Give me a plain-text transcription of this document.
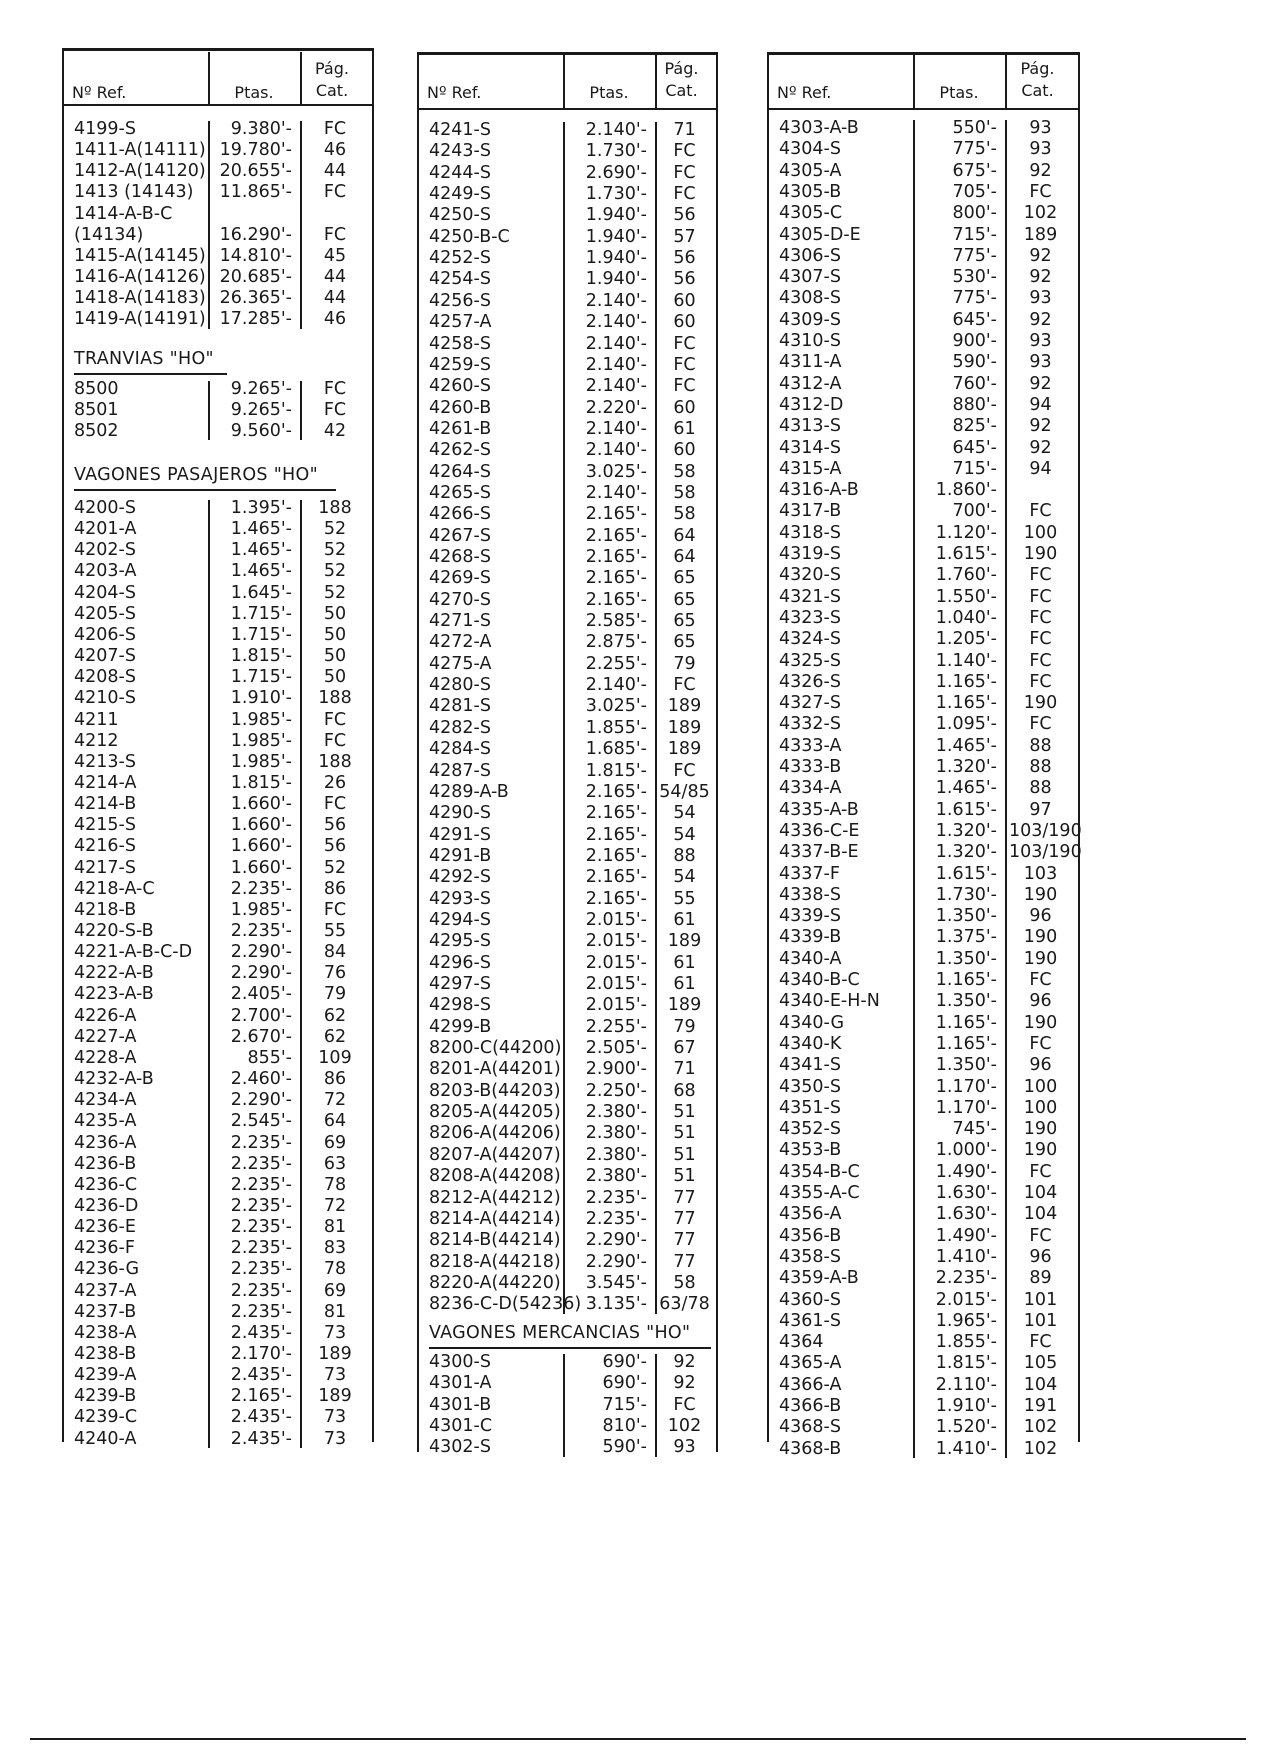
Nº Ref.	Ptas.
Pág.
Cat.
4199-S	9.380'-	FC
1411-A(14111) 19.780'-	46
1412-A(14120) 20.655'-	44
1413 (14143)	11.865'-	FC
1414-A-B-C
(14134)	16.290'-	FC
1415-A(14145) 14.810'-	45
1416-A(14126) 20.685'-	44
1418-A(14183) 26.365'-	44
1419-A(14191) 17.285'-	46
TRANVIAS "HO"
8500	9.265'-	FC
8501	9.265'-	FC
8502	9.560'-	42
VAGONES PASAJEROS "HO"
4200-S	1.395'-	188
4201-A	1.465'-	52
4202-S	1.465'-	52
4203-A	1.465'-	52
4204-S	1.645'-	52
4205-S	1.715'-	50
4206-S	1.715'-	50
4207-S	1.815'-	50
4208-S	1.715'-	50
4210-S	1.910'-	188
4211	1.985'-	FC
4212	1.985'-	FC
4213-S	1.985'-	188
4214-A	1.815'-	26
4214-B	1.660'-	FC
4215-S	1.660'-	56
4216-S	1.660'-	56
4217-S	1.660'-	52
4218-A-C	2.235'-	86
4218-B	1.985'-	FC
4220-S-B	2.235'-	55
4221-A-B-C-D	2.290'-	84
4222-A-B	2.290'-	76
4223-A-B	2.405'-	79
4226-A	2.700'-	62
4227-A	2.670'-	62
4228-A	855'-	109
4232-A-B	2.460'-	86
4234-A	2.290'-	72
4235-A	2.545'-	64
4236-A	2.235'-	69
4236-B	2.235'-	63
4236-C	2.235'-	78
4236-D	2.235'-	72
4236-E	2.235'-	81
4236-F	2.235'-	83
4236-G	2.235'-	78
4237-A	2.235'-	69
4237-B	2.235'-	81
4238-A	2.435'-	73
4238-B	2.170'-	189
4239-A	2.435'-	73
4239-B	2.165'-	189
4239-C	2.435'-	73
4240-A	2.435'-	73
Nº Ref.	Ptas.
Pág.
Cat.
4241-S	2.140'-	71
4243-S	1.730'-	FC
4244-S	2.690'-	FC
4249-S	1.730'-	FC
4250-S	1.940'-	56
4250-B-C	1.940'-	57
4252-S	1.940'-	56
4254-S	1.940'-	56
4256-S	2.140'-	60
4257-A	2.140'-	60
4258-S	2.140'-	FC
4259-S	2.140'-	FC
4260-S	2.140'-	FC
4260-B	2.220'-	60
4261-B	2.140'-	61
4262-S	2.140'-	60
4264-S	3.025'-	58
4265-S	2.140'-	58
4266-S	2.165'-	58
4267-S	2.165'-	64
4268-S	2.165'-	64
4269-S	2.165'-	65
4270-S	2.165'-	65
4271-S	2.585'-	65
4272-A	2.875'-	65
4275-A	2.255'-	79
4280-S	2.140'-	FC
4281-S	3.025'-	189
4282-S	1.855'-	189
4284-S	1.685'-	189
4287-S	1.815'-	FC
4289-A-B	2.165'- 54/85
4290-S	2.165'-	54
4291-S	2.165'-	54
4291-B	2.165'-	88
4292-S	2.165'-	54
4293-S	2.165'-	55
4294-S	2.015'-	61
4295-S	2.015'-	189
4296-S	2.015'-	61
4297-S	2.015'-	61
4298-S	2.015'-	189
4299-B	2.255'-	79
8200-C(44200)	2.505'-	67
8201-A(44201)	2.900'-	71
8203-B(44203)	2.250'-	68
8205-A(44205)	2.380'-	51
8206-A(44206)	2.380'-	51
8207-A(44207)	2.380'-	51
8208-A(44208)	2.380'-	51
8212-A(44212)	2.235'-	77
8214-A(44214)	2.235'-	77
8214-B(44214)	2.290'-	77
8218-A(44218)	2.290'-	77
8220-A(44220)	3.545'-	58
8236-C-D(54236) 3.135'- 63/78
VAGONES MERCANCIAS "HO"
4300-S	690'-	92
4301-A	690'-	92
4301-B	715'-	FC
4301-C	810'-	102
4302-S	590'-	93
Nº Ref.	Ptas.
Pág.
Cat.
4303-A-B	550'-	93
4304-S	775'-	93
4305-A	675'-	92
4305-B	705'-	FC
4305-C	800'-	102
4305-D-E	715'-	189
4306-S	775'-	92
4307-S	530'-	92
4308-S	775'-	93
4309-S	645'-	92
4310-S	900'-	93
4311-A	590'-	93
4312-A	760'-	92
4312-D	880'-	94
4313-S	825'-	92
4314-S	645'-	92
4315-A	715'-	94
4316-A-B	1.860'-
4317-B	700'-	FC
4318-S	1.120'-	100
4319-S	1.615'-	190
4320-S	1.760'-	FC
4321-S	1.550'-	FC
4323-S	1.040'-	FC
4324-S	1.205'-	FC
4325-S	1.140'-	FC
4326-S	1.165'-	FC
4327-S	1.165'-	190
4332-S	1.095'-	FC
4333-A	1.465'-	88
4333-B	1.320'-	88
4334-A	1.465'-	88
4335-A-B	1.615'-	97
4336-C-E	1.320'- 103/190
4337-B-E	1.320'- 103/190
4337-F	1.615'-	103
4338-S	1.730'-	190
4339-S	1.350'-	96
4339-B	1.375'-	190
4340-A	1.350'-	190
4340-B-C	1.165'-	FC
4340-E-H-N	1.350'-	96
4340-G	1.165'-	190
4340-K	1.165'-	FC
4341-S	1.350'-	96
4350-S	1.170'-	100
4351-S	1.170'-	100
4352-S	745'-	190
4353-B	1.000'-	190
4354-B-C	1.490'-	FC
4355-A-C	1.630'-	104
4356-A	1.630'-	104
4356-B	1.490'-	FC
4358-S	1.410'-	96
4359-A-B	2.235'-	89
4360-S	2.015'-	101
4361-S	1.965'-	101
4364	1.855'-	FC
4365-A	1.815'-	105
4366-A	2.110'-	104
4366-B	1.910'-	191
4368-S	1.520'-	102
4368-B	1.410'-	102
